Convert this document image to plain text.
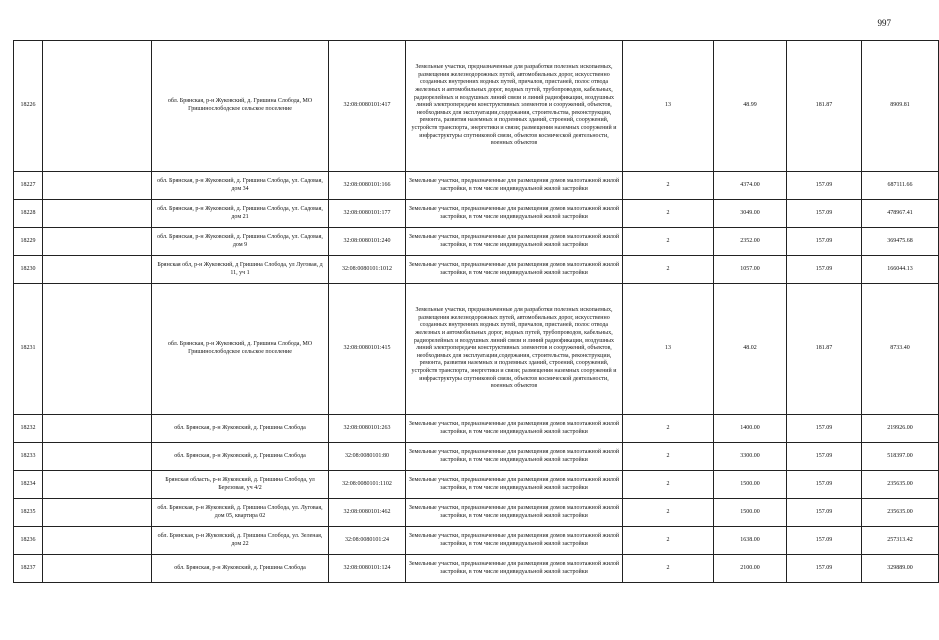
997
18226		обл. Брянская, р-н Жуковский, д. Гришина Слобода, МО Гришинослободское сельское поселение	32:08:0080101:417	Земельные участки, предназначенные для разработки полезных ископаемых, размещения железнодорожных путей, автомобильных дорог, искусственно созданных внутренних водных путей, причалов, пристаней, полос отвода железных и автомобильных дорог, водных путей, трубопроводов, кабельных, радиорелейных и воздушных линий связи и линий радиофикации, воздушных линий электропередачи конструктивных элементов и сооружений, объектов, необходимых для эксплуатации,содержания, строительства, реконструкции, ремонта, развития наземных и подземных зданий, строений, сооружений, устройств транспорта, энергетики и связи; размещения наземных сооружений и инфраструктуры спутниковой связи, объектов космической деятельности, военных объектов	13	48.99	181.87	8909.81
18227		обл. Брянская, р-н Жуковский, д. Гришина Слобода, ул. Садовая, дом 34	32:08:0080101:166	Земельные участки, предназначенные для размещения домов малоэтажной жилой застройки, в том числе индивидуальной жилой застройки	2	4374.00	157.09	687111.66
18228		обл. Брянская, р-н Жуковский, д. Гришина Слобода, ул. Садовая, дом 21	32:08:0080101:177	Земельные участки, предназначенные для размещения домов малоэтажной жилой застройки, в том числе индивидуальной жилой застройки	2	3049.00	157.09	478967.41
18229		обл. Брянская, р-н Жуковский, д. Гришина Слобода, ул. Садовая, дом 9	32:08:0080101:240	Земельные участки, предназначенные для размещения домов малоэтажной жилой застройки, в том числе индивидуальной жилой застройки	2	2352.00	157.09	369475.68
18230		Брянская обл, р-н Жуковский, д Гришина Слобода, ул Луговая, д 11, уч 1	32:08:0080101:1012	Земельные участки, предназначенные для размещения домов малоэтажной жилой застройки, в том числе индивидуальной жилой застройки	2	1057.00	157.09	166044.13
18231		обл. Брянская, р-н Жуковский, д. Гришина Слобода, МО Гришинослободское сельское поселение	32:08:0080101:415	Земельные участки, предназначенные для разработки полезных ископаемых, размещения железнодорожных путей, автомобильных дорог, искусственно созданных внутренних водных путей, причалов, пристаней, полос отвода железных и автомобильных дорог, водных путей, трубопроводов, кабельных, радиорелейных и воздушных линий связи и линий радиофикации, воздушных линий электропередачи конструктивных элементов и сооружений, объектов, необходимых для эксплуатации,содержания, строительства, реконструкции, ремонта, развития наземных и подземных зданий, строений, сооружений, устройств транспорта, энергетики и связи; размещения наземных сооружений и инфраструктуры спутниковой связи, объектов космической деятельности, военных объектов	13	48.02	181.87	8733.40
18232		обл. Брянская, р-н Жуковский, д. Гришина Слобода	32:08:0080101:263	Земельные участки, предназначенные для размещения домов малоэтажной жилой застройки, в том числе индивидуальной жилой застройки	2	1400.00	157.09	219926.00
18233		обл. Брянская, р-н Жуковский, д. Гришина Слобода	32:08:0080101:80	Земельные участки, предназначенные для размещения домов малоэтажной жилой застройки, в том числе индивидуальной жилой застройки	2	3300.00	157.09	518397.00
18234		Брянская область, р-н Жуковский, д. Гришина Слобода, ул Березовая, уч 4/2	32:08:0080101:1102	Земельные участки, предназначенные для размещения домов малоэтажной жилой застройки, в том числе индивидуальной жилой застройки	2	1500.00	157.09	235635.00
18235		обл. Брянская, р-н Жуковский, д. Гришина Слобода, ул. Луговая, дом 05, квартира 02	32:08:0080101:462	Земельные участки, предназначенные для размещения домов малоэтажной жилой застройки, в том числе индивидуальной жилой застройки	2	1500.00	157.09	235635.00
18236		обл. Брянская, р-н Жуковский, д. Гришина Слобода, ул. Зеленая, дом 22	32:08:0080101:24	Земельные участки, предназначенные для размещения домов малоэтажной жилой застройки, в том числе индивидуальной жилой застройки	2	1638.00	157.09	257313.42
18237		обл. Брянская, р-н Жуковский, д. Гришина Слобода	32:08:0080101:124	Земельные участки, предназначенные для размещения домов малоэтажной жилой застройки, в том числе индивидуальной жилой застройки	2	2100.00	157.09	329889.00
